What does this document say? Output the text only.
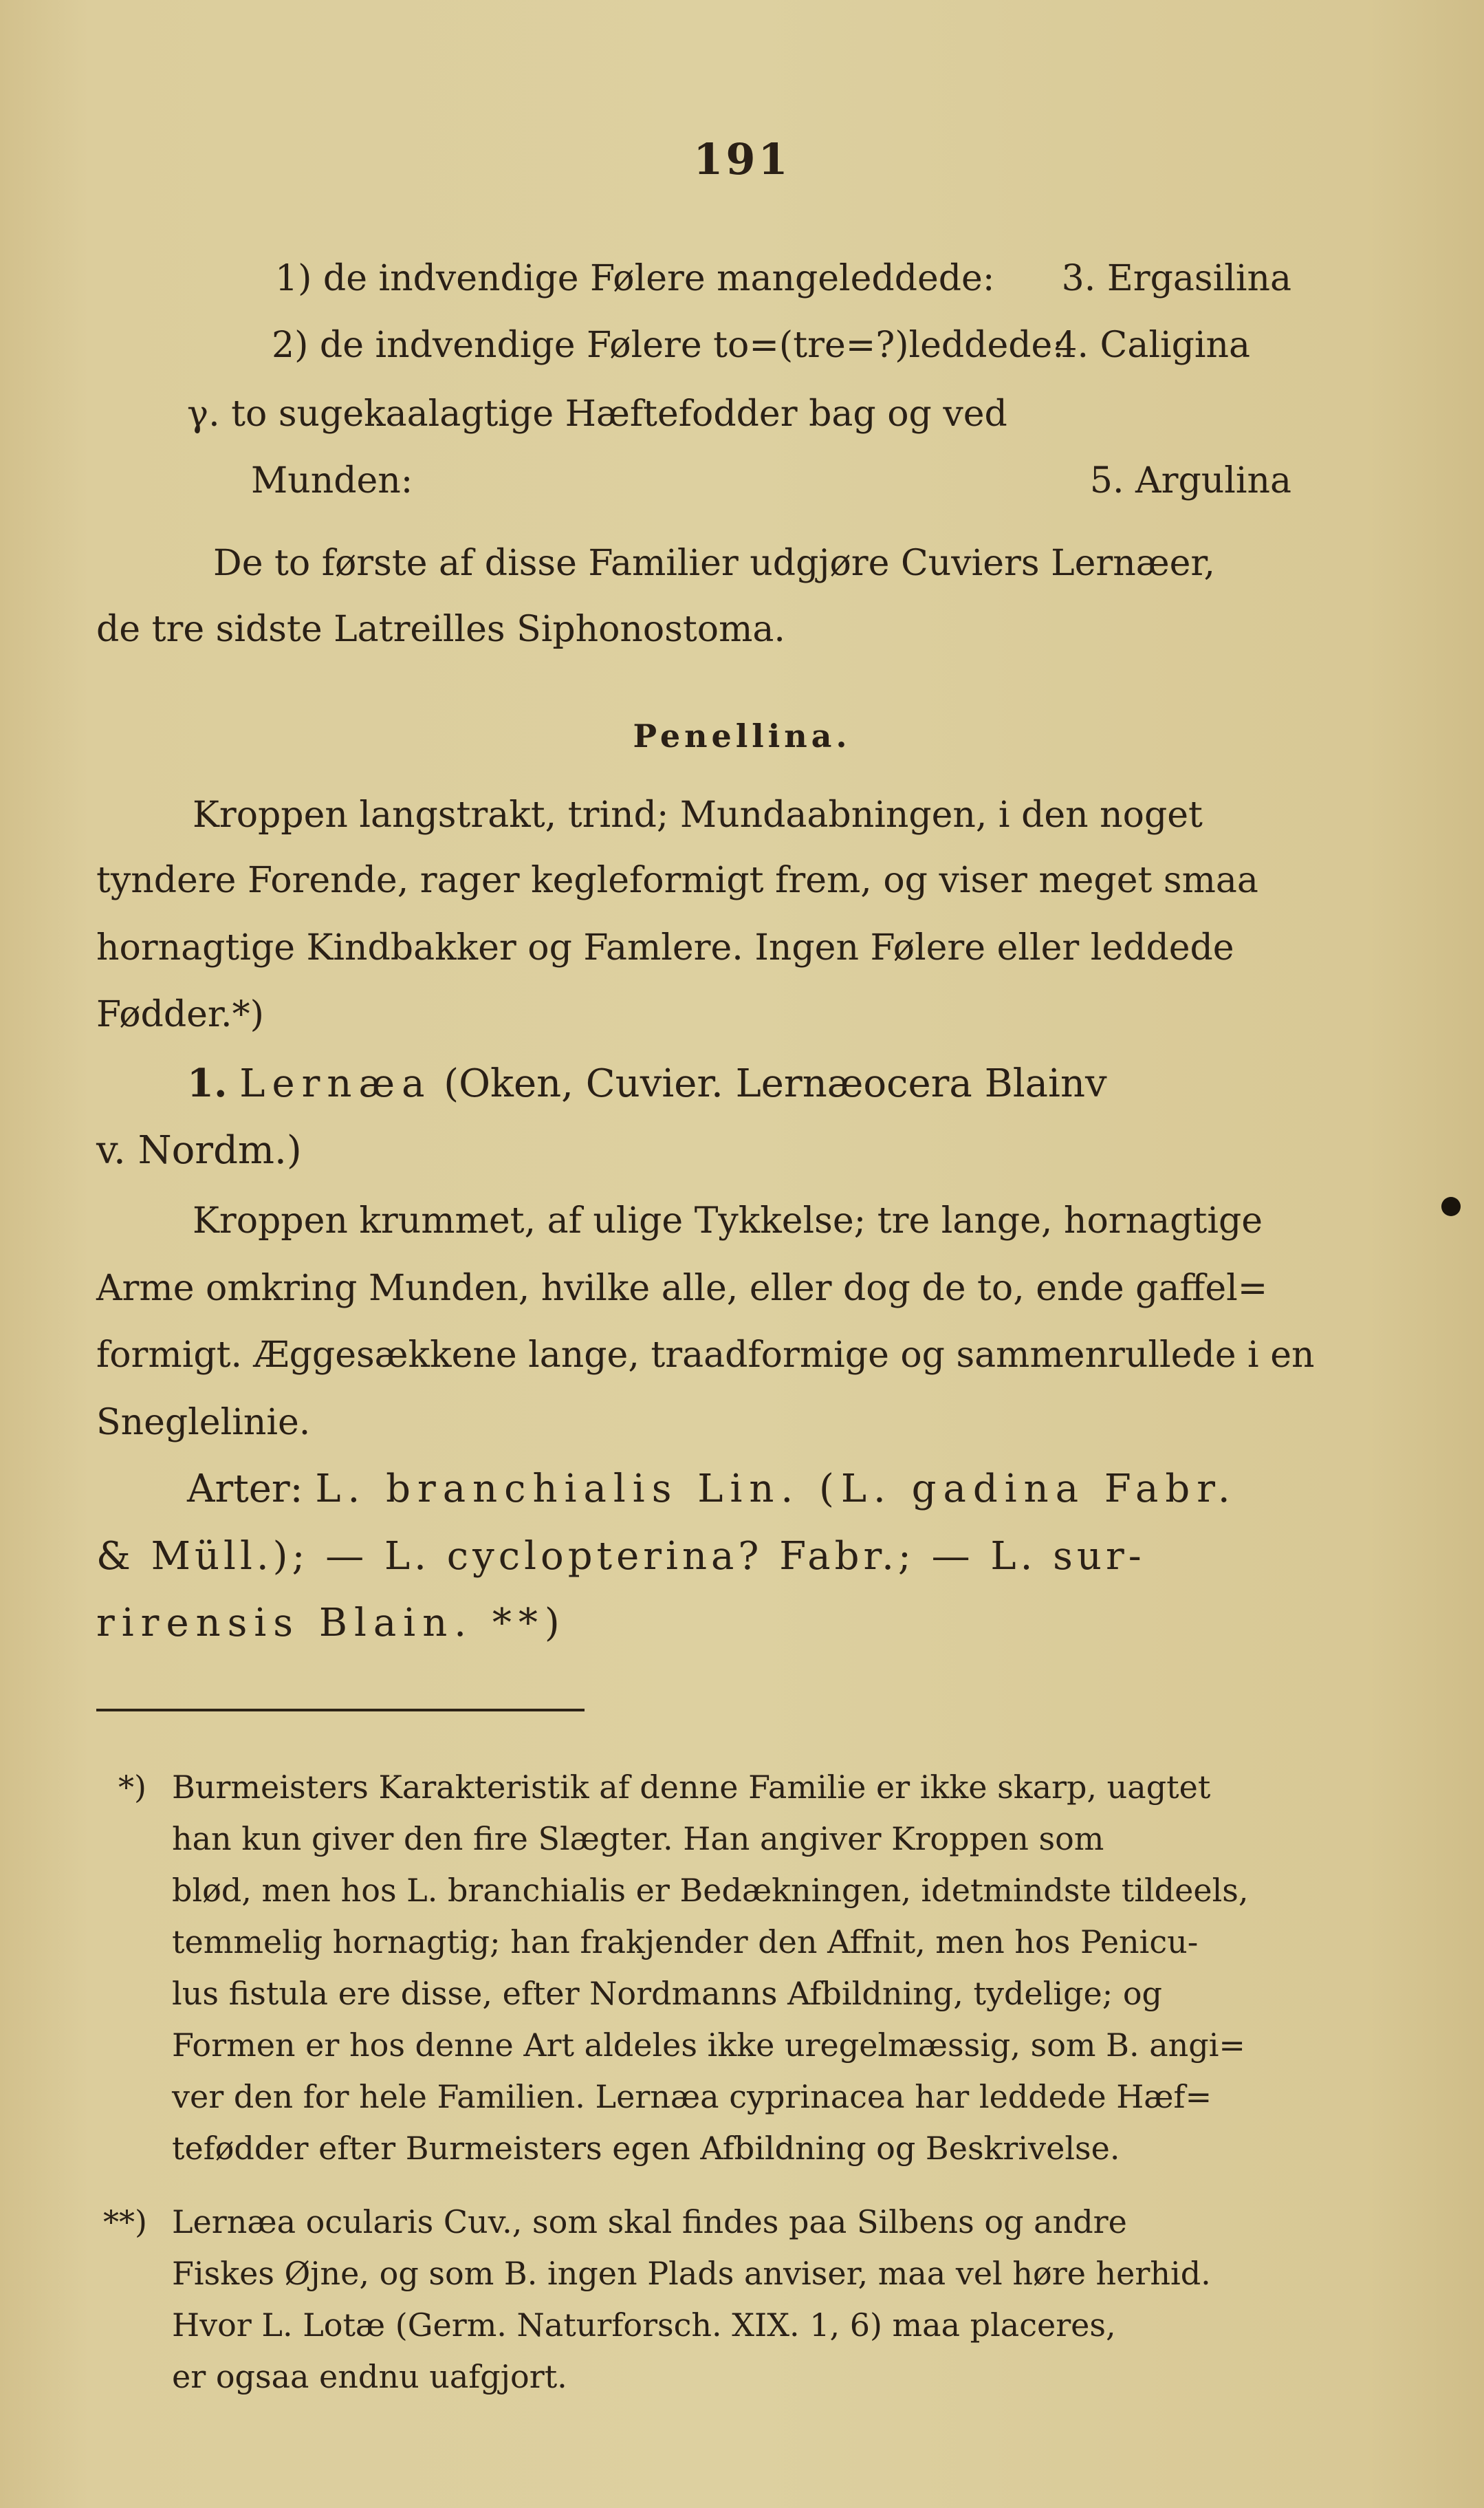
191
1) de indvendige Følere mangeleddede: 3. Ergasilina
2) de indvendige Følere to=(tre=?)leddede:
4. Caligina
γ. to sugekaalagtige Hæftefodder bag og ved
Munden:	5. Argulina
De to første af disse Familier udgjøre Cuviers Lernæer,
de tre sidste Latreilles Siphonostoma.
Penellina.
Kroppen langstrakt, trind; Mundaabningen, i den noget
tyndere Forende, rager kegleformigt frem, og viser meget smaa
hornagtige Kindbakker og Famlere. Ingen Følere eller leddede
Fødder.*)
1. Lernæa (Oken, Cuvier. Lernæocera Blainv
v. Nordm.)
Kroppen krummet, af ulige Tykkelse; tre lange, hornagtige
Arme omkring Munden, hvilke alle, eller dog de to, ende gaffel=
formigt. Æggesækkene lange, traadformige og sammenrullede i en
Sneglelinie.
Arter: L. branchialis Lin. (L. gadina Fabr.
& Müll.); — L. cyclopterina? Fabr.; — L. sur-
rirensis Blain. **)
*) Burmeisters Karakteristik af denne Familie er ikke skarp, uagtet
han kun giver den fire Slægter. Han angiver Kroppen som
blød, men hos L. branchialis er Bedækningen, idetmindste tildeels,
temmelig hornagtig; han frakjender den Affnit, men hos Penicu-
lus fistula ere disse, efter Nordmanns Afbildning, tydelige; og
Formen er hos denne Art aldeles ikke uregelmæssig, som B. angi=
ver den for hele Familien. Lernæa cyprinacea har leddede Hæf=
tefødder efter Burmeisters egen Afbildning og Beskrivelse.
**) Lernæa ocularis Cuv., som skal findes paa Silbens og andre
Fiskes Øjne, og som B. ingen Plads anviser, maa vel høre herhid.
Hvor L. Lotæ (Germ. Naturforsch. XIX. 1, 6) maa placeres,
er ogsaa endnu uafgjort.
